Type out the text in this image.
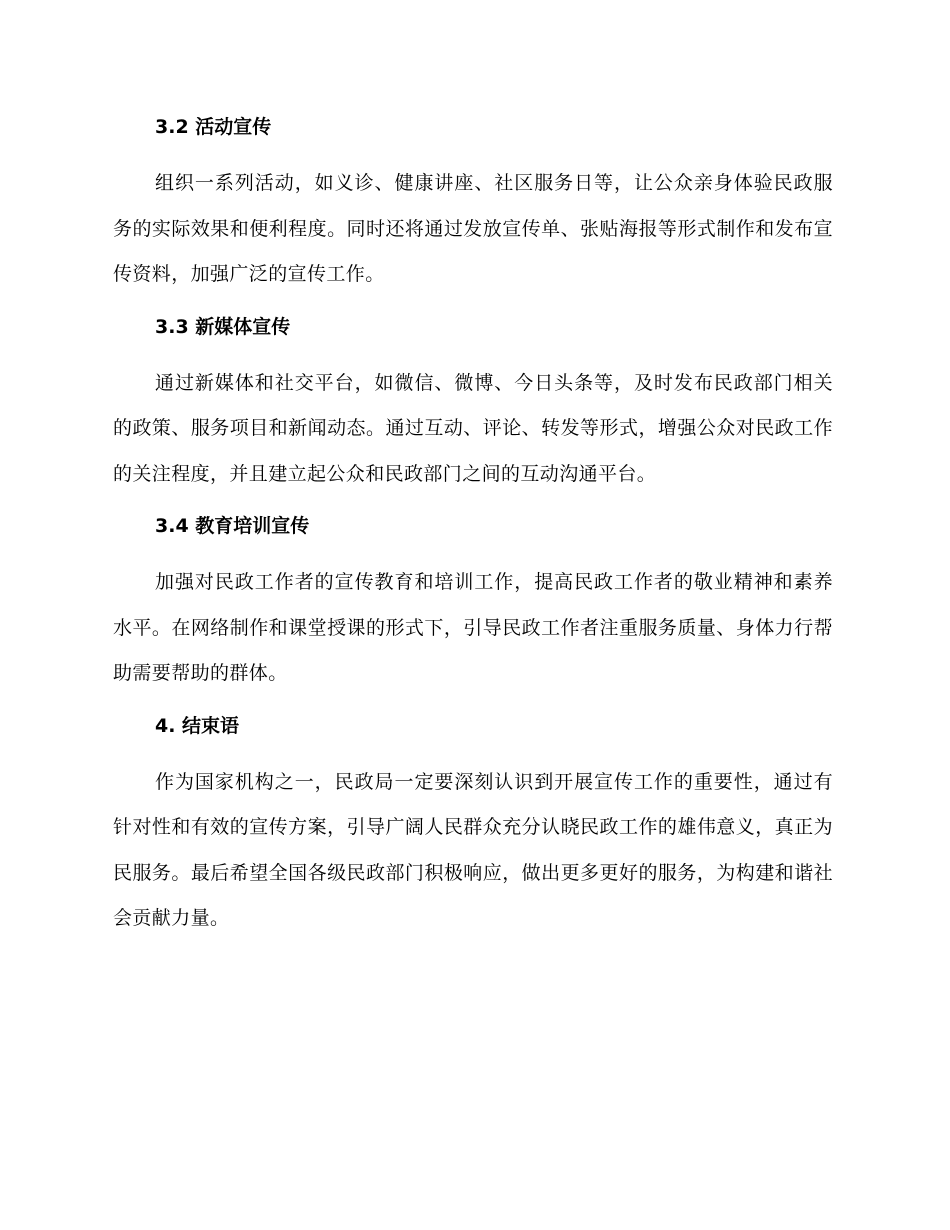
3.2 活动宣传

组织一系列活动，如义诊、健康讲座、社区服务日等，让公众亲身体验民政服务的实际效果和便利程度。同时还将通过发放宣传单、张贴海报等形式制作和发布宣传资料，加强广泛的宣传工作。

3.3 新媒体宣传

通过新媒体和社交平台，如微信、微博、今日头条等，及时发布民政部门相关的政策、服务项目和新闻动态。通过互动、评论、转发等形式，增强公众对民政工作的关注程度，并且建立起公众和民政部门之间的互动沟通平台。

3.4 教育培训宣传

加强对民政工作者的宣传教育和培训工作，提高民政工作者的敬业精神和素养水平。在网络制作和课堂授课的形式下，引导民政工作者注重服务质量、身体力行帮助需要帮助的群体。

4. 结束语

作为国家机构之一，民政局一定要深刻认识到开展宣传工作的重要性，通过有针对性和有效的宣传方案，引导广阔人民群众充分认晓民政工作的雄伟意义，真正为民服务。最后希望全国各级民政部门积极响应，做出更多更好的服务，为构建和谐社会贡献力量。
